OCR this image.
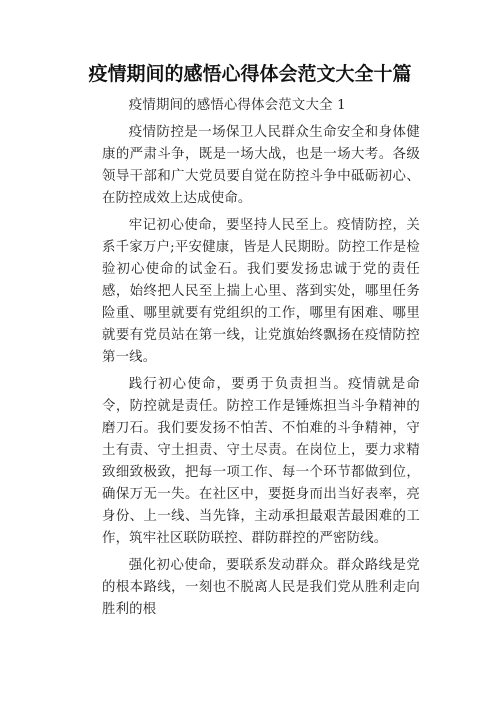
疫情期间的感悟心得体会范文大全十篇

疫情期间的感悟心得体会范文大全 1

疫情防控是一场保卫人民群众生命安全和身体健康的严肃斗争，既是一场大战，也是一场大考。各级领导干部和广大党员要自觉在防控斗争中砥砺初心、在防控成效上达成使命。

牢记初心使命，要坚持人民至上。疫情防控，关系千家万户;平安健康，皆是人民期盼。防控工作是检验初心使命的试金石。我们要发扬忠诚于党的责任感，始终把人民至上揣上心里、落到实处，哪里任务险重、哪里就要有党组织的工作，哪里有困难、哪里就要有党员站在第一线，让党旗始终飘扬在疫情防控第一线。

践行初心使命，要勇于负责担当。疫情就是命令，防控就是责任。防控工作是锤炼担当斗争精神的磨刀石。我们要发扬不怕苦、不怕难的斗争精神，守土有责、守土担责、守土尽责。在岗位上，要力求精致细致极致，把每一项工作、每一个环节都做到位，确保万无一失。在社区中，要挺身而出当好表率，亮身份、上一线、当先锋，主动承担最艰苦最困难的工作，筑牢社区联防联控、群防群控的严密防线。

强化初心使命，要联系发动群众。群众路线是党的根本路线，一刻也不脱离人民是我们党从胜利走向胜利的根
